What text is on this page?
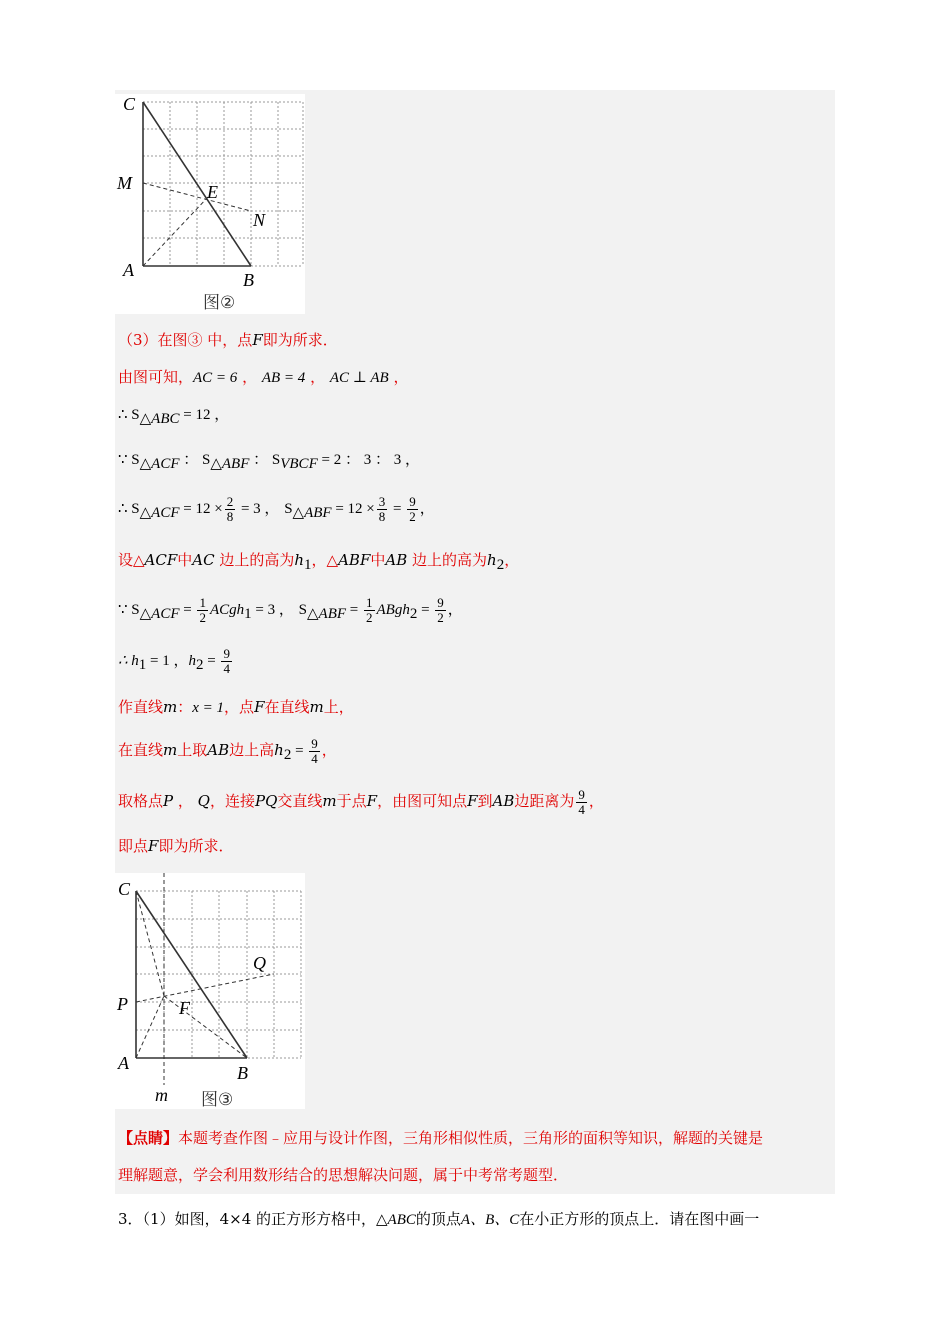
C
M	E
N
A	B
图②
（3）在图③ 中，点F即为所求．
由图可知，AC = 6 ， AB = 4 ， AC ⊥ AB ，
∴ $S_{\triangle ABC} = 12$ ，
∵ $S_{\triangle ACF}$ ： $S_{\triangle ABF}$ ： $S_{VBCF} = 2$ ： 3 ： 3 ，
∴ $S_{\triangle ACF} = 12 \times \frac{2}{8} = 3$ ， $S_{\triangle ABF} = 12 \times \frac{3}{8} = \frac{9}{2}$ ，
设△ACF中AC 边上的高为$h_1$，△ABF中AB 边上的高为$h_2$，
∵ $S_{\triangle ACF} = \frac{1}{2}$ ACgh$_1$ = 3 ， $S_{\triangle ABF} = \frac{1}{2}$ ABgh$_2$ = $\frac{9}{2}$ ，
∴ $h_1 = 1$ ，$h_2 = \frac{9}{4}$
作直线m：x = 1，点F在直线m上，
在直线m上取AB边上高$h_2 = \frac{9}{4}$ ，
取格点P ， Q，连接PQ交直线m于点F，由图可知点F到AB边距离为 $\frac{9}{4}$ ，
即点F即为所求．
C
Q
P	F
A	B
m 图③
【点睛】本题考查作图﹣应用与设计作图，三角形相似性质，三角形的面积等知识，解题的关键是
理解题意，学会利用数形结合的思想解决问题，属于中考常考题型．
3．（1）如图，4×4 的正方形方格中，△ABC的顶点A、B、C在小正方形的顶点上．请在图中画一
